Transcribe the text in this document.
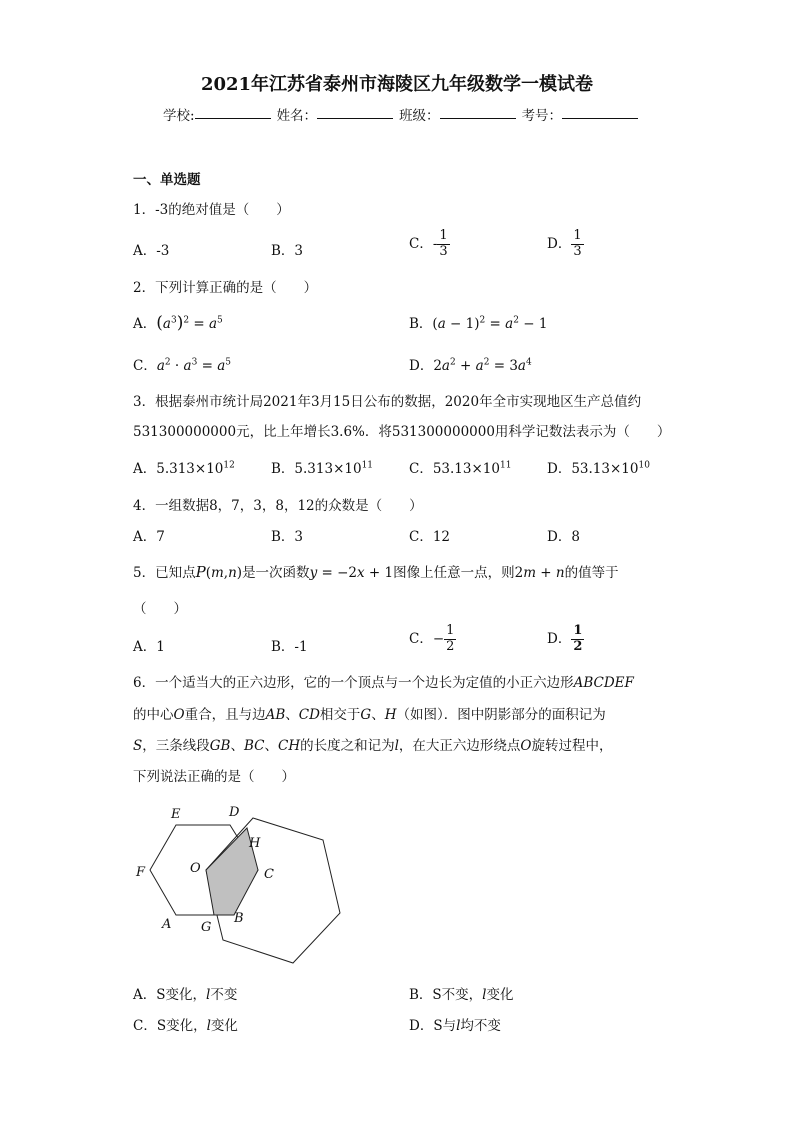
2021年江苏省泰州市海陵区九年级数学一模试卷
学校:	姓名：	班级：	考号：
一、单选题
1．-3的绝对值是（　　）
A．-3	B．3	C．- $\frac{1}{3}$	D． $\frac{1}{3}$
2．下列计算正确的是（　　）
A．$(a^3)^2 = a^5$	B．$(a - 1)^2 = a^2 - 1$
C．$a^2 \cdot a^3 = a^5$	D．$2a^2 + a^2 = 3a^4$
3．根据泰州市统计局2021年3月15日公布的数据，2020年全市实现地区生产总值约
531300000000元，比上年增长3.6%．将531300000000用科学记数法表示为（　　）
A．$5.313\times 10^{12}$	B．$5.313\times 10^{11}$	C．$53.13\times 10^{11}$	D．$53.13\times 10^{10}$
4．一组数据8，7，3，8，12的众数是（　　）
A．7	B．3	C．12	D．8
5．已知点P(m,n)是一次函数y = −2x + 1图像上任意一点，则2m + n的值等于
（　　）
A．1	B．-1
C．− $\frac{1}{2}$	D． $\frac{1}{2}$
6．一个适当大的正六边形，它的一个顶点与一个边长为定值的小正六边形ABCDEF
的中心O重合，且与边AB、CD相交于G、H（如图）．图中阴影部分的面积记为
S，三条线段GB、BC、CH的长度之和记为l，在大正六边形绕点O旋转过程中，
下列说法正确的是（　　）
E	D
H
F	O	C
A G
B
A．S变化，l不变	B．S不变，l变化
C．S变化，l变化	D．S与l均不变
